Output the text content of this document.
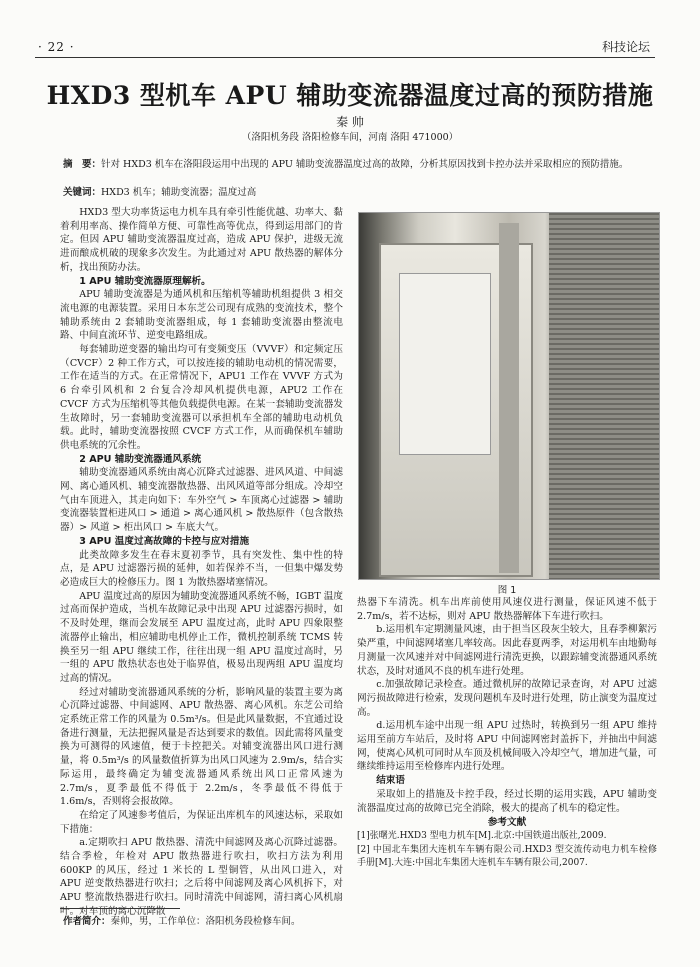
· 22 ·	科技论坛
HXD3 型机车 APU 辅助变流器温度过高的预防措施
秦 帅
（洛阳机务段 洛阳检修车间，河南 洛阳 471000）

摘　要：针对 HXD3 机车在洛阳段运用中出现的 APU 辅助变流器温度过高的故障，分析其原因找到卡控办法并采取相应的预防措施。

关键词：HXD3 机车；辅助变流器；温度过高

HXD3 型大功率货运电力机车具有牵引性能优越、功率大、黏着利用率高、操作简单方便、可靠性高等优点，得到运用部门的肯定。但因 APU 辅助变流器温度过高，造成 APU 保护，进级无流进而酿成机破的现象多次发生。为此通过对 APU 散热器的解体分析，找出预防办法。

1 APU 辅助变流器原理解析。

APU 辅助变流器是为通风机和压缩机等辅助机组提供 3 相交流电源的电源装置。采用日本东芝公司现有成熟的变流技术，整个辅助系统由 2 套辅助变流器组成，每 1 套辅助变流器由整流电路、中间直流环节、逆变电路组成。

每套辅助逆变器的输出均可有变频变压（VVVF）和定频定压（CVCF）2 种工作方式，可以按连接的辅助电动机的情况需要，工作在适当的方式。在正常情况下，APU1 工作在 VVVF 方式为 6 台牵引风机和 2 台复合冷却风机提供电源，APU2 工作在 CVCF 方式为压缩机等其他负载提供电源。在某一套辅助变流器发生故障时，另一套辅助变流器可以承担机车全部的辅助电动机负载。此时，辅助变流器按照 CVCF 方式工作，从而确保机车辅助供电系统的冗余性。

2 APU 辅助变流器通风系统

辅助变流器通风系统由离心沉降式过滤器、进风风道、中间滤网、离心通风机、辅变流器散热器、出风风道等部分组成。冷却空气由车顶进入，其走向如下：车外空气 > 车顶离心过滤器 > 辅助变流器装置柜进风口 > 通道 > 离心通风机 > 散热原件（包含散热器）> 风道 > 柜出风口 > 车底大气。

3 APU 温度过高故障的卡控与应对措施

此类故障多发生在春末夏初季节，具有突发性、集中性的特点，是 APU 过滤器污损的延伸，如若保养不当，一但集中爆发势必造成巨大的检修压力。图 1 为散热器堵塞情况。

APU 温度过高的原因为辅助变流器通风系统不畅，IGBT 温度过高而保护造成，当机车故障记录中出现 APU 过滤器污损时，如不及时处理，继而会发展至 APU 温度过高，此时 APU 四象限整流器停止输出，相应辅助电机停止工作，微机控制系统 TCMS 转换至另一组 APU 继续工作，往往出现一组 APU 温度过高时，另一组的 APU 散热状态也处于临界值，极易出现两组 APU 温度均过高的情况。

经过对辅助变流器通风系统的分析，影响风量的装置主要为离心沉降过滤器、中间滤网、APU 散热器、离心风机。东芝公司给定系统正常工作的风量为 0.5m³/s。但是此风量数据，不宜通过设备进行测量，无法把握风量是否达到要求的数值。因此需将风量变换为可测得的风速值，便于卡控把关。对辅变流器出风口进行测量，将 0.5m³/s 的风量数值折算为出风口风速为 2.9m/s，结合实际运用，最终确定为辅变流器通风系统出风口正常风速为 2.7m/s，夏季最低不得低于 2.2m/s，冬季最低不得低于 1.6m/s，否则将会报故障。

在给定了风速参考值后，为保证出库机车的风速达标，采取如下措施：

a.定期吹扫 APU 散热器、清洗中间滤网及离心沉降过滤器。结合季检，年检对 APU 散热器进行吹扫，吹扫方法为利用 600KP 的风压，经过 1 米长的 L 型铜管，从出风口进入，对 APU 逆变散热器进行吹扫；之后将中间滤网及离心风机拆下，对 APU 整流散热器进行吹扫。同时清洗中间滤网，清扫离心风机扇叶。对车顶的离心沉降散

图 1

热器下车清洗。机车出库前使用风速仪进行测量，保证风速不低于 2.7m/s，若不达标，则对 APU 散热器解体下车进行吹扫。

b.运用机车定期测量风速，由于担当区段灰尘较大，且春季柳絮污染严重，中间滤网堵塞几率较高。因此春夏两季，对运用机车由地勤每月测量一次风速并对中间滤网进行清洗更换，以跟踪辅变流器通风系统状态，及时对通风不良的机车进行处理。

c.加强故障记录检查。通过微机屏的故障记录查询，对 APU 过滤网污损故障进行检索，发现问题机车及时进行处理，防止演变为温度过高。

d.运用机车途中出现一组 APU 过热时，转换到另一组 APU 维持运用至前方车站后，及时将 APU 中间滤网密封盖拆下，并抽出中间滤网，使离心风机可同时从车顶及机械间吸入冷却空气，增加进气量，可继续维持运用至检修库内进行处理。

结束语

采取如上的措施及卡控手段，经过长期的运用实践，APU 辅助变流器温度过高的故障已完全消除，极大的提高了机车的稳定性。

参考文献

[1]张曙光.HXD3 型电力机车[M].北京:中国铁道出版社,2009.

[2] 中国北车集团大连机车车辆有限公司.HXD3 型交流传动电力机车检修手册[M].大连:中国北车集团大连机车车辆有限公司,2007.

作者简介：秦帅，男，工作单位：洛阳机务段检修车间。
